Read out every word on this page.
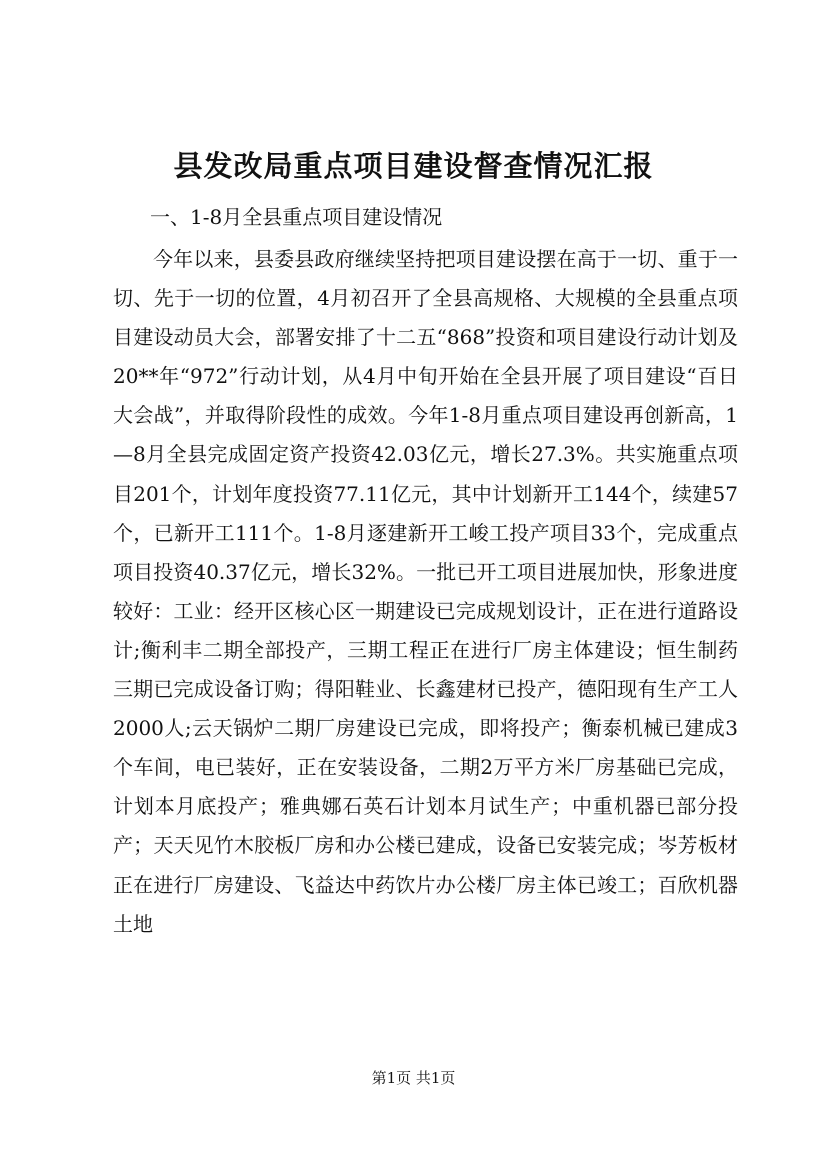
县发改局重点项目建设督查情况汇报
一、1-8月全县重点项目建设情况

今年以来，县委县政府继续坚持把项目建设摆在高于一切、重于一切、先于一切的位置，4月初召开了全县高规格、大规模的全县重点项目建设动员大会，部署安排了十二五“868”投资和项目建设行动计划及20**年“972”行动计划，从4月中旬开始在全县开展了项目建设“百日大会战”，并取得阶段性的成效。今年1-8月重点项目建设再创新高，1—8月全县完成固定资产投资42.03亿元，增长27.3%。共实施重点项目201个，计划年度投资77.11亿元，其中计划新开工144个，续建57个，已新开工111个。1-8月逐建新开工峻工投产项目33个，完成重点项目投资40.37亿元，增长32%。一批已开工项目进展加快，形象进度较好：工业：经开区核心区一期建设已完成规划设计，正在进行道路设计;衡利丰二期全部投产，三期工程正在进行厂房主体建设；恒生制药三期已完成设备订购；得阳鞋业、长鑫建材已投产，德阳现有生产工人2000人;云天锅炉二期厂房建设已完成，即将投产；衡泰机械已建成3个车间，电已装好，正在安装设备，二期2万平方米厂房基础已完成，计划本月底投产；雅典娜石英石计划本月试生产；中重机器已部分投产；天天见竹木胶板厂房和办公楼已建成，设备已安装完成；岑芳板材正在进行厂房建设、飞益达中药饮片办公楼厂房主体已竣工；百欣机器土地

第1页 共1页
